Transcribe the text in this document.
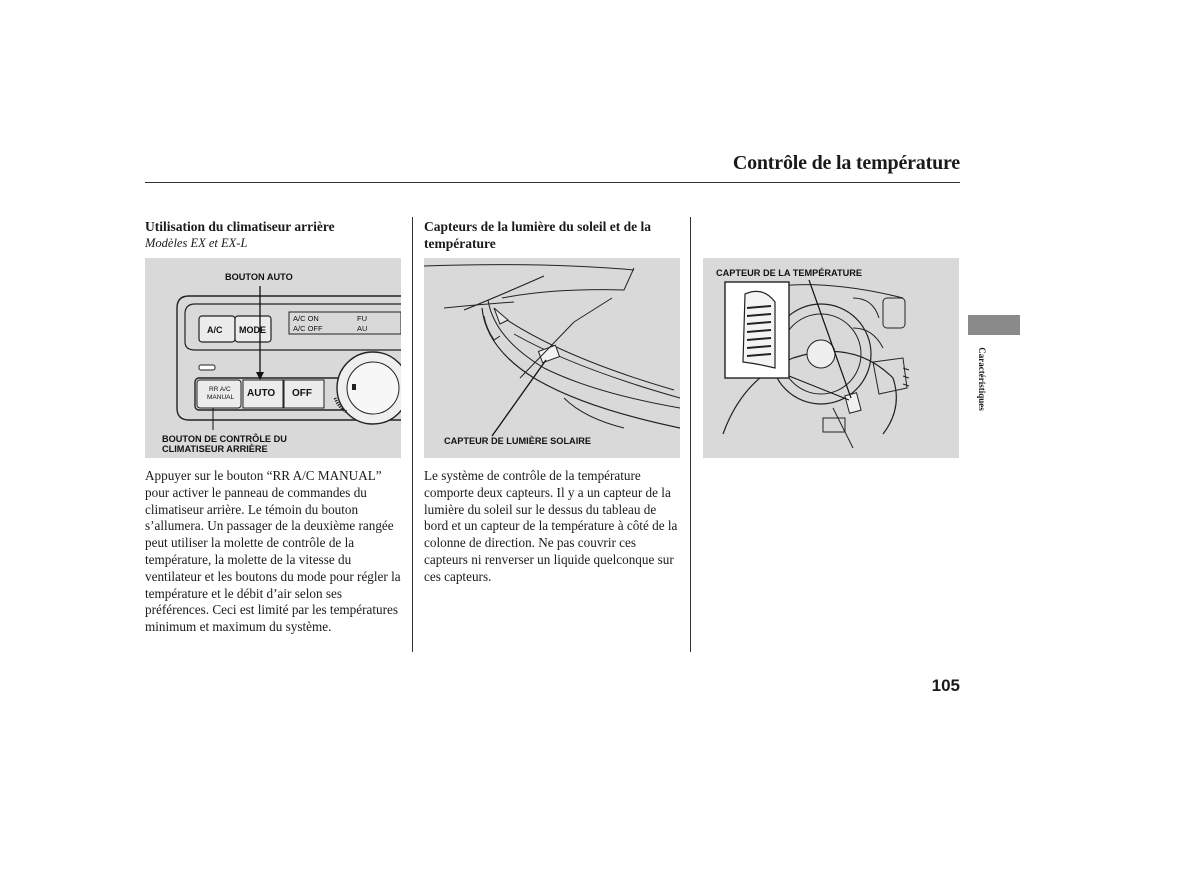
Contrôle de la température
Utilisation du climatiseur arrière
Modèles EX et EX-L
BOUTON AUTO
A/C MODE
A/C ON
A/C OFF
FU
AU
RR A/C
MANUAL AUTO OFF
BOUTON DE CONTRÔLE DU
CLIMATISEUR ARRIÈRE
Appuyer sur le bouton “RR A/C MANUAL” pour activer le panneau de commandes du climatiseur arrière. Le témoin du bouton s’allumera. Un passager de la deuxième rangée peut utiliser la molette de contrôle de la température, la molette de la vitesse du ventilateur et les boutons du mode pour régler la température et le débit d’air selon ses préférences. Ceci est limité par les températures minimum et maximum du système.
Capteurs de la lumière du soleil et de la température
CAPTEUR DE LUMIÈRE SOLAIRE
Le système de contrôle de la température comporte deux capteurs. Il y a un capteur de la lumière du soleil sur le dessus du tableau de bord et un capteur de la température à côté de la colonne de direction. Ne pas couvrir ces capteurs ni renverser un liquide quelconque sur ces capteurs.
CAPTEUR DE LA TEMPÉRATURE
Caractéristiques
105
